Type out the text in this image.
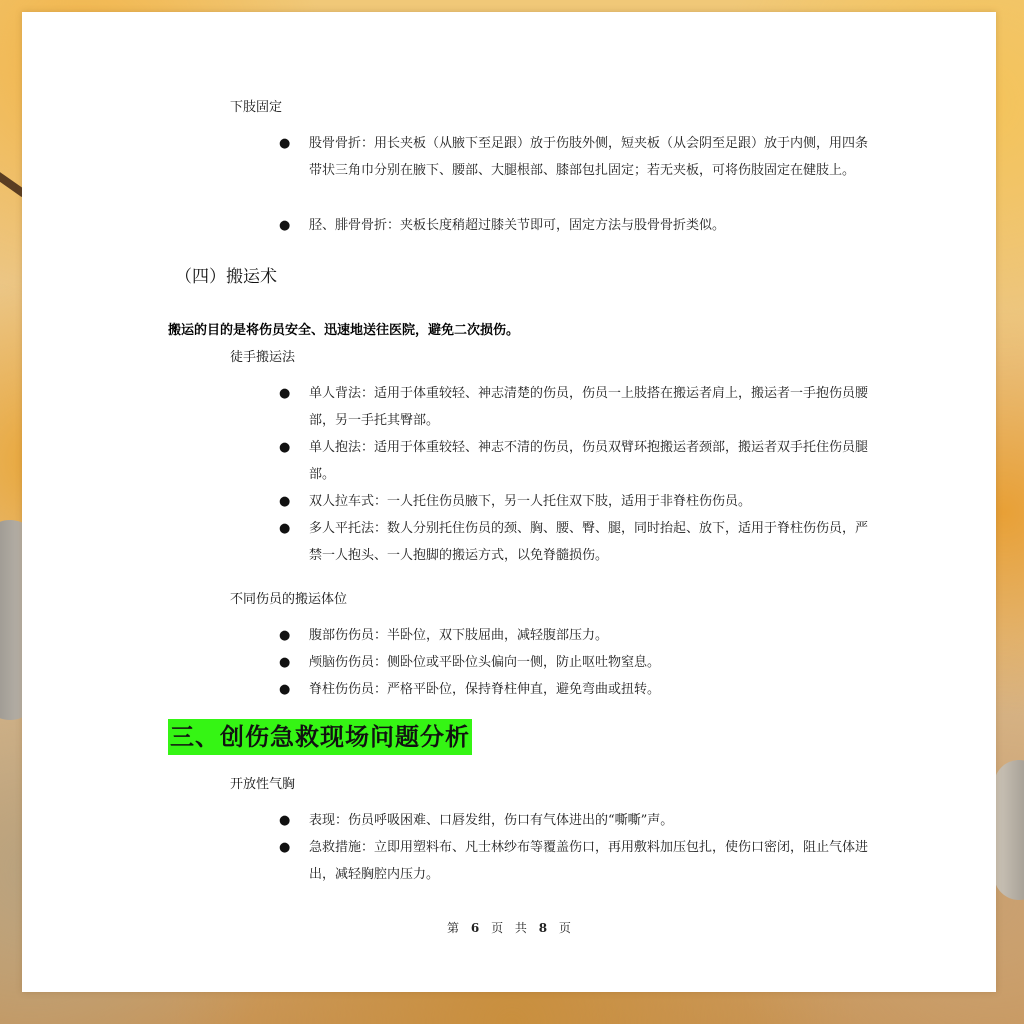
下肢固定

● 股骨骨折：用长夹板（从腋下至足跟）放于伤肢外侧，短夹板（从会阴至足跟）放于内侧，用四条带状三角巾分别在腋下、腰部、大腿根部、膝部包扎固定；若无夹板，可将伤肢固定在健肢上。
● 胫、腓骨骨折：夹板长度稍超过膝关节即可，固定方法与股骨骨折类似。
（四）搬运术

搬运的目的是将伤员安全、迅速地送往医院，避免二次损伤。

徒手搬运法

● 单人背法：适用于体重较轻、神志清楚的伤员，伤员一上肢搭在搬运者肩上，搬运者一手抱伤员腰部，另一手托其臀部。
● 单人抱法：适用于体重较轻、神志不清的伤员，伤员双臂环抱搬运者颈部，搬运者双手托住伤员腿部。
● 双人拉车式：一人托住伤员腋下，另一人托住双下肢，适用于非脊柱伤伤员。
● 多人平托法：数人分别托住伤员的颈、胸、腰、臀、腿，同时抬起、放下，适用于脊柱伤伤员，严禁一人抱头、一人抱脚的搬运方式，以免脊髓损伤。

不同伤员的搬运体位

● 腹部伤伤员：半卧位，双下肢屈曲，减轻腹部压力。
● 颅脑伤伤员：侧卧位或平卧位头偏向一侧，防止呕吐物窒息。
● 脊柱伤伤员：严格平卧位，保持脊柱伸直，避免弯曲或扭转。
三、创伤急救现场问题分析

开放性气胸

● 表现：伤员呼吸困难、口唇发绀，伤口有气体进出的“嘶嘶”声。
● 急救措施：立即用塑料布、凡士林纱布等覆盖伤口，再用敷料加压包扎，使伤口密闭，阻止气体进出，减轻胸腔内压力。
第 6 页 共 8 页
